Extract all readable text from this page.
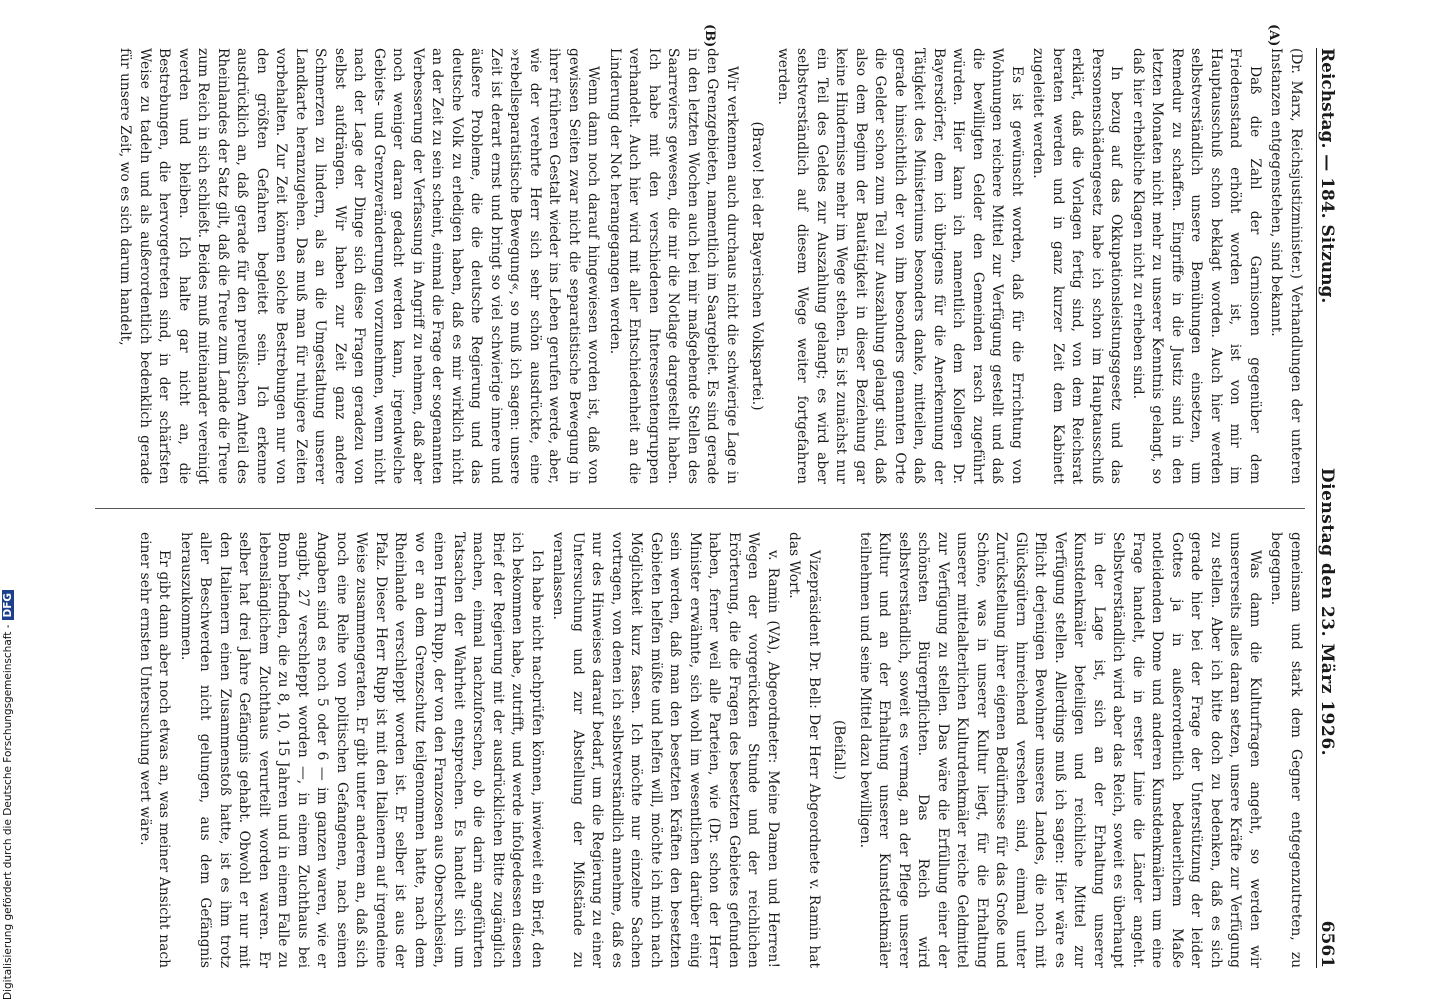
Reichstag. — 184. Sitzung.
Dienstag den 23. März 1926.
6561
(A)
(B)

(Dr. Marx, Reichsjustizminister.) Verhandlungen der unteren Instanzen entgegenstehen, sind bekannt.

Daß die Zahl der Garnisonen gegenüber dem Friedensstand erhöht worden ist, ist von mir im Hauptausschuß schon beklagt worden. Auch hier werden selbstverständlich unsere Bemühungen einsetzen, um Remedur zu schaffen. Eingriffe in die Justiz sind in den letzten Monaten nicht mehr zu unserer Kenntnis gelangt, so daß hier erhebliche Klagen nicht zu erheben sind.

In bezug auf das Okkupationsleistungsgesetz und das Personenschädengesetz habe ich schon im Hauptausschuß erklärt, daß die Vorlagen fertig sind, von dem Reichsrat beraten werden und in ganz kurzer Zeit dem Kabinett zugeleitet werden.

Es ist gewünscht worden, daß für die Errichtung von Wohnungen reichere Mittel zur Verfügung gestellt und daß die bewilligten Gelder den Gemeinden rasch zugeführt würden. Hier kann ich namentlich dem Kollegen Dr. Bayersdörfer, dem ich übrigens für die Anerkennung der Tätigkeit des Ministeriums besonders danke, mitteilen, daß gerade hinsichtlich der von ihm besonders genannten Orte die Gelder schon zum Teil zur Auszahlung gelangt sind, daß also dem Beginn der Bautätigkeit in dieser Beziehung gar keine Hindernisse mehr im Wege stehen. Es ist zunächst nur ein Teil des Geldes zur Auszahlung gelangt; es wird aber selbstverständlich auf diesem Wege weiter fortgefahren werden.

(Bravo! bei der Bayerischen Volkspartei.)

Wir verkennen auch durchaus nicht die schwierige Lage in den Grenzgebieten, namentlich im Saargebiet. Es sind gerade in den letzten Wochen auch bei mir maßgebende Stellen des Saarreviers gewesen, die mir die Notlage dargestellt haben. Ich habe mit den verschiedenen Interessentengruppen verhandelt. Auch hier wird mit aller Entschiedenheit an die Linderung der Not herangegangen werden.

Wenn dann noch darauf hingewiesen worden ist, daß von gewissen Seiten zwar nicht die separatistische Bewegung in ihrer früheren Gestalt wieder ins Leben gerufen werde, aber, wie der verehrte Herr sich sehr schön ausdrückte, eine »rebellseparatistische Bewegung«, so muß ich sagen: unsere Zeit ist derart ernst und bringt so viel schwierige innere und äußere Probleme, die die deutsche Regierung und das deutsche Volk zu erledigen haben, daß es mir wirklich nicht an der Zeit zu sein scheint, einmal die Frage der sogenannten Verbesserung der Verfassung in Angriff zu nehmen, daß aber noch weniger daran gedacht werden kann, irgendwelche Gebiets- und Grenzveränderungen vorzunehmen, wenn nicht nach der Lage der Dinge sich diese Fragen geradezu von selbst aufdrängen. Wir haben zur Zeit ganz andere Schmerzen zu lindern, als an die Umgestaltung unserer Landkarte heranzugehen. Das muß man für ruhigere Zeiten vorbehalten. Zur Zeit können solche Bestrebungen nur von den größten Gefahren begleitet sein. Ich erkenne ausdrücklich an, daß gerade für den preußischen Anteil des Rheinlandes der Satz gilt, daß die Treue zum Lande die Treue zum Reich in sich schließt. Beides muß miteinander vereinigt werden und bleiben. Ich halte gar nicht an, die Bestrebungen, die hervorgetreten sind, in der schärfsten Weise zu tadeln und als außerordentlich bedenklich gerade für unsere Zeit, wo es sich darum handelt,

gemeinsam und stark dem Gegner entgegenzutreten, zu begegnen.

Was dann die Kulturfragen angeht, so werden wir unsererseits alles daran setzen, unsere Kräfte zur Verfügung zu stellen. Aber ich bitte doch zu bedenken, daß es sich gerade hier bei der Frage der Unterstützung der leider Gottes ja in außerordentlich bedauerlichem Maße notleidenden Dome und anderen Kunstdenkmälern um eine Frage handelt, die in erster Linie die Länder angeht. Selbstverständlich wird aber das Reich, soweit es überhaupt in der Lage ist, sich an der Erhaltung unserer Kunstdenkmäler beteiligen und reichliche Mittel zur Verfügung stellen. Allerdings muß ich sagen: Hier wäre es Pflicht derjenigen Bewohner unseres Landes, die noch mit Glücksgütern hinreichend versehen sind, einmal unter Zurückstellung ihrer eigenen Bedürfnisse für das Große und Schöne, was in unserer Kultur liegt, für die Erhaltung unserer mittelalterlichen Kulturdenkmäler reiche Geldmittel zur Verfügung zu stellen. Das wäre die Erfüllung einer der schönsten Bürgerpflichten. Das Reich wird selbstverständlich, soweit es vermag, an der Pflege unserer Kultur und an der Erhaltung unserer Kunstdenkmäler teilnehmen und seine Mittel dazu bewilligen.

(Beifall.)

Vizepräsident Dr. Bell: Der Herr Abgeordnete v. Ramin hat das Wort.

v. Ramin (VA), Abgeordneter: Meine Damen und Herren! Wegen der vorgerückten Stunde und der reichlichen Erörterung, die die Fragen des besetzten Gebietes gefunden haben, ferner weil alle Parteien, wie (Dr. schon der Herr Minister erwähnte, sich wohl im wesentlichen darüber einig sein werden, daß man den besetzten Kräften den besetzten Gebieten helfen müßte und helfen will, möchte ich mich nach Möglichkeit kurz fassen. Ich möchte nur einzelne Sachen vortragen, von denen ich selbstverständlich annehme, daß es nur des Hinweises darauf bedarf, um die Regierung zu einer Untersuchung und zur Abstellung der Mißstände zu veranlassen.

Ich habe nicht nachprüfen können, inwieweit ein Brief, den ich bekommen habe, zutrifft, und werde infolgedessen diesen Brief der Regierung mit der ausdrücklichen Bitte zugänglich machen, einmal nachzuforschen, ob die darin angeführten Tatsachen der Wahrheit entsprechen. Es handelt sich um einen Herrn Rupp, der von den Franzosen aus Oberschlesien, wo er an dem Grenzschutz teilgenommen hatte, nach dem Rheinlande verschleppt worden ist. Er selber ist aus der Pfalz. Dieser Herr Rupp ist mit den Italienern auf irgendeine Weise zusammengeraten. Er gibt unter anderem an, daß sich noch eine Reihe von politischen Gefangenen, nach seinen Angaben sind es noch 5 oder 6 — im ganzen waren, wie er angibt, 27 verschleppt worden —, in einem Zuchthaus bei Bonn befinden, die zu 8, 10, 15 Jahren und in einem Falle zu lebenslänglichem Zuchthaus verurteilt worden waren. Er selber hat drei Jahre Gefängnis gehabt. Obwohl er nur mit den Italienern einen Zusammenstoß hatte, ist es ihm trotz aller Beschwerden nicht gelungen, aus dem Gefängnis herauszukommen.

Er gibt dann aber noch etwas an, was meiner Ansicht nach einer sehr ernsten Untersuchung wert wäre.

Digitalisierung gefördert durch die Deutsche Forschungsgemeinschaft -DFG
